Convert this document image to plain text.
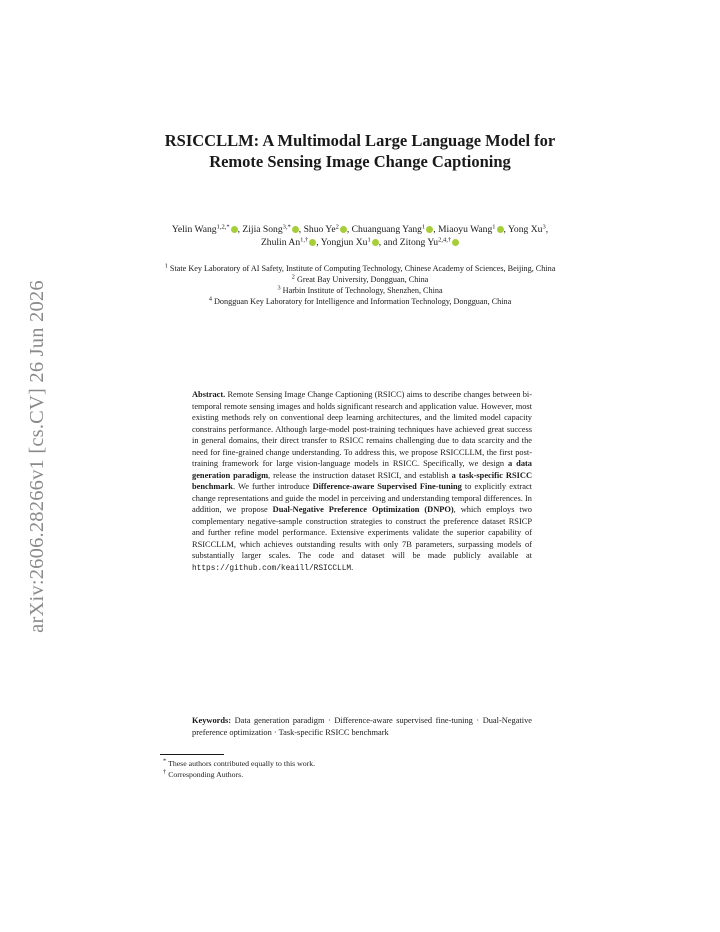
arXiv:2606.28266v1 [cs.CV] 26 Jun 2026
RSICCLLM: A Multimodal Large Language Model for Remote Sensing Image Change Captioning
Yelin Wang$^{1,2,*}$ , Zijia Song$^{3,*}$ , Shuo Ye$^2$ , Chuanguang Yang$^1$ , Miaoyu Wang$^1$ , Yong Xu$^3$, Zhulin $An^{1,\dagger}$ , Yongjun Xu$^1$ , and Zitong $Yu^{2,4,\dagger}$
$^1$ State Key Laboratory of AI Safety, Institute of Computing Technology, Chinese Academy of Sciences, Beijing, China
$^2$ Great Bay University, Dongguan, China
$^3$ Harbin Institute of Technology, Shenzhen, China
$^4$ Dongguan Key Laboratory for Intelligence and Information Technology, Dongguan, China
Abstract. Remote Sensing Image Change Captioning (RSICC) aims to describe changes between bi-temporal remote sensing images and holds significant research and application value. However, most existing methods rely on conventional deep learning architectures, and the limited model capacity constrains performance. Although large-model post-training techniques have achieved great success in general domains, their direct transfer to RSICC remains challenging due to data scarcity and the need for fine-grained change understanding. To address this, we propose RSICCLLM, the first post-training framework for large vision-language models in RSICC. Specifically, we design a data generation paradigm, release the instruction dataset RSICI, and establish a task-specific RSICC benchmark. We further introduce Difference-aware Supervised Fine-tuning to explicitly extract change representations and guide the model in perceiving and understanding temporal differences. In addition, we propose Dual-Negative Preference Optimization (DNPO), which employs two complementary negative-sample construction strategies to construct the preference dataset RSICP and further refine model performance. Extensive experiments validate the superior capability of RSICCLLM, which achieves outstanding results with only 7B parameters, surpassing models of substantially larger scales. The code and dataset will be made publicly available at https://github.com/keaill/RSICCLLM.
Keywords: Data generation paradigm · Difference-aware supervised fine-tuning · Dual-Negative preference optimization · Task-specific RSICC benchmark
* These authors contributed equally to this work.
† Corresponding Authors.
